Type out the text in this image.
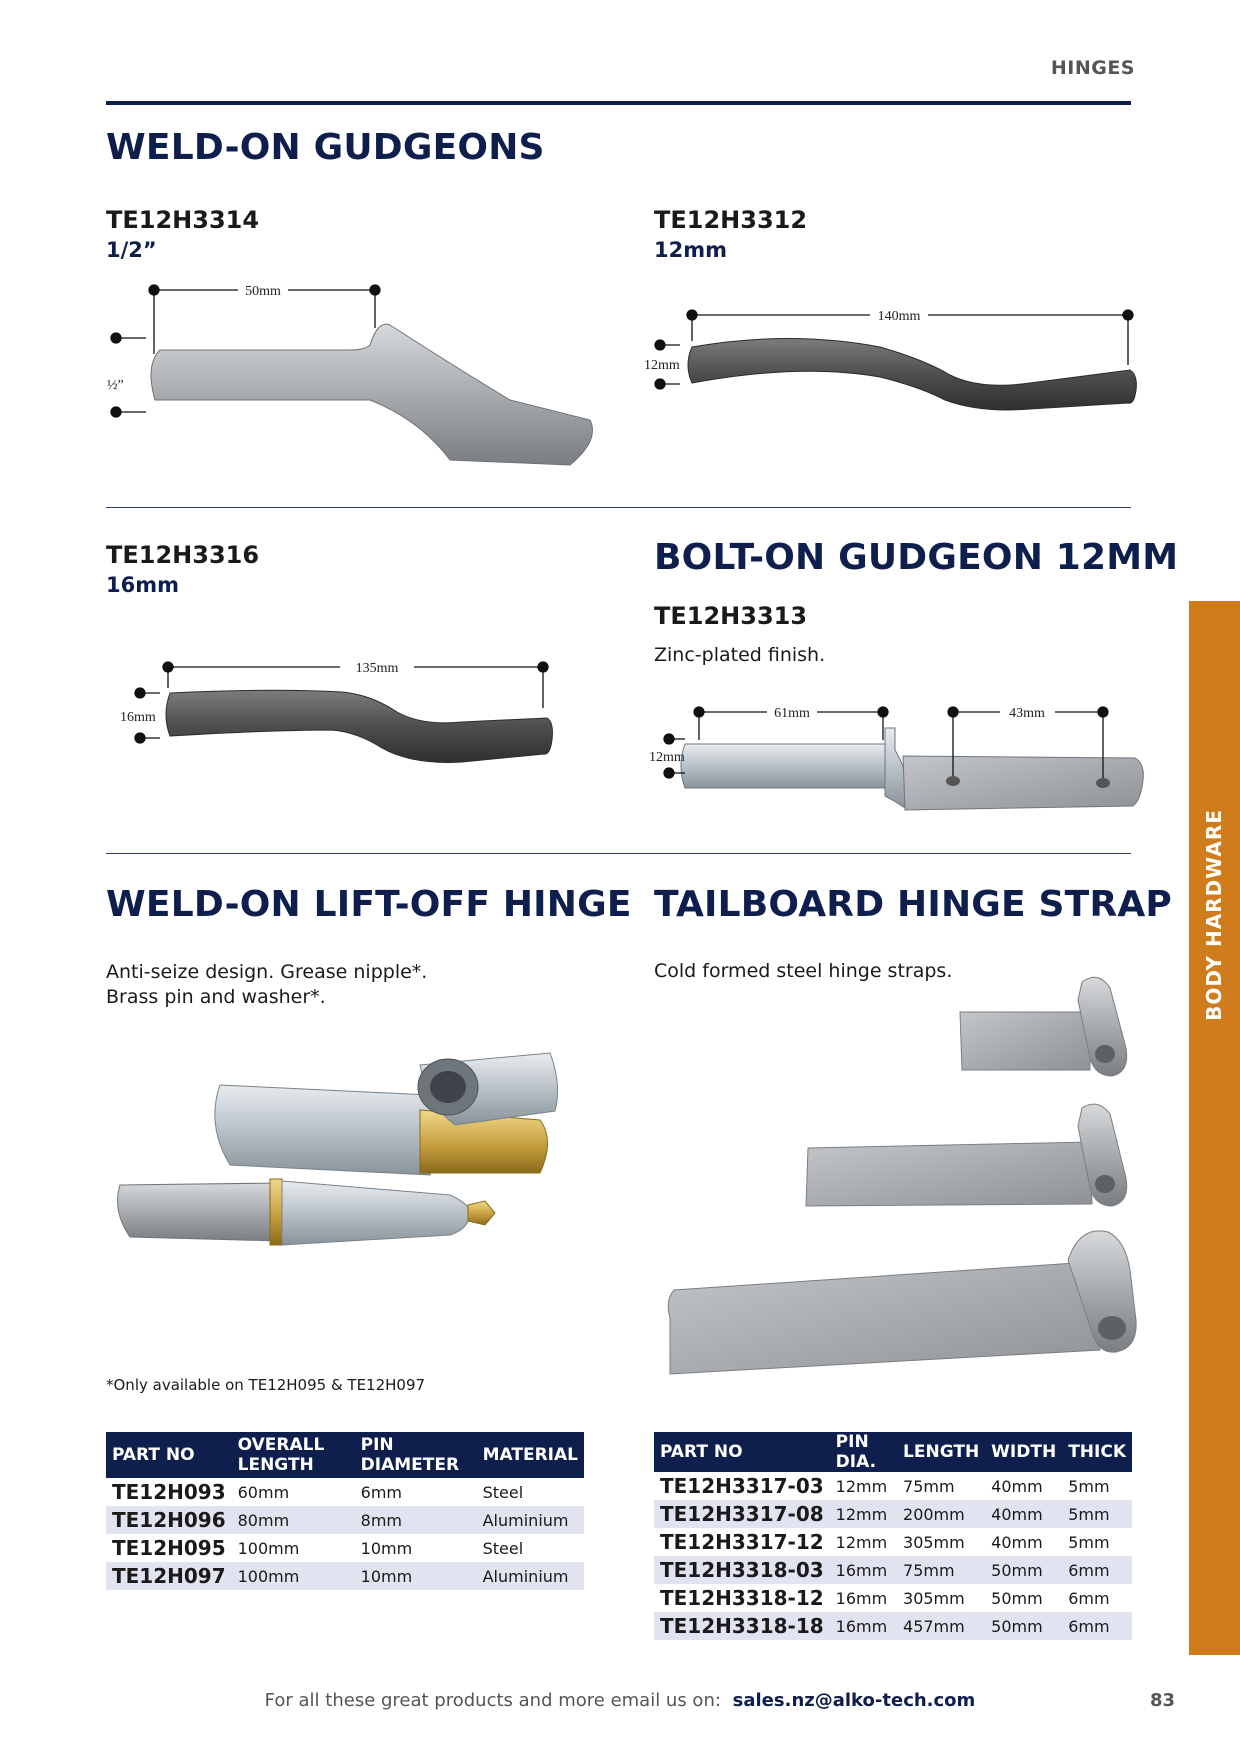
HINGES
WELD-ON GUDGEONS
TE12H3314
1/2”
TE12H3312
12mm
50mm
½”
140mm
12mm
TE12H3316
16mm
135mm
16mm
BOLT-ON GUDGEON 12MM
TE12H3313
Zinc-plated finish.
61mm	43mm
12mm
WELD-ON LIFT-OFF HINGE
Anti-seize design. Grease nipple*.
Brass pin and washer*.
*Only available on TE12H095 & TE12H097
PART NO	OVERALL LENGTH	PIN DIAMETER	MATERIAL
TE12H093	60mm	6mm	Steel
TE12H096	80mm	8mm	Aluminium
TE12H095	100mm	10mm	Steel
TE12H097	100mm	10mm	Aluminium
TAILBOARD HINGE STRAP
Cold formed steel hinge straps.
PART NO	PIN DIA.	LENGTH	WIDTH	THICK
TE12H3317-03	12mm	75mm	40mm	5mm
TE12H3317-08	12mm	200mm	40mm	5mm
TE12H3317-12	12mm	305mm	40mm	5mm
TE12H3318-03	16mm	75mm	50mm	6mm
TE12H3318-12	16mm	305mm	50mm	6mm
TE12H3318-18	16mm	457mm	50mm	6mm
BODY HARDWARE
For all these great products and more email us on: sales.nz@alko-tech.com	83
